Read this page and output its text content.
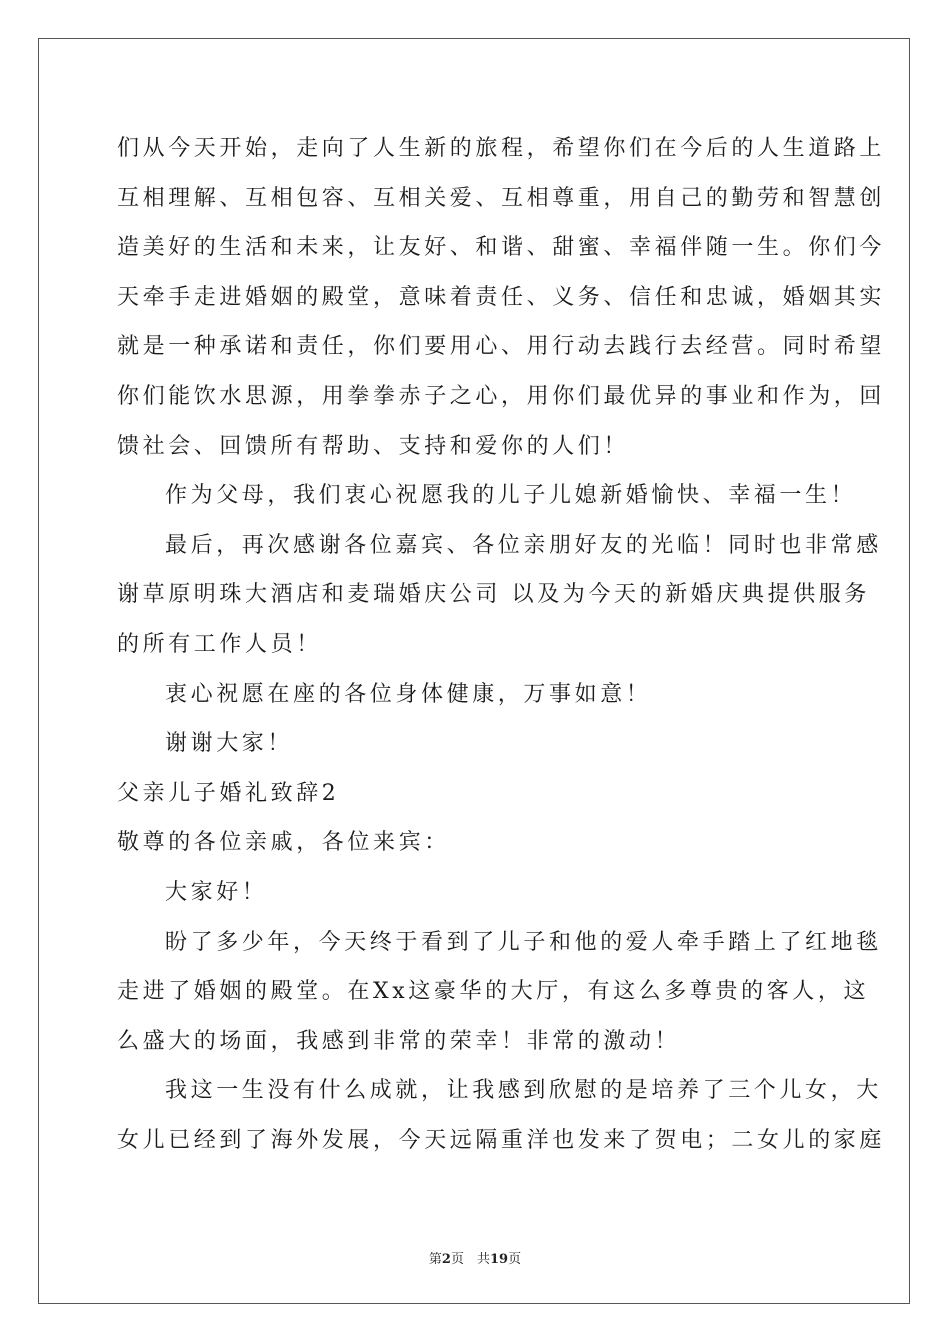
们从今天开始，走向了人生新的旅程，希望你们在今后的人生道路上
互相理解、互相包容、互相关爱、互相尊重，用自己的勤劳和智慧创
造美好的生活和未来，让友好、和谐、甜蜜、幸福伴随一生。你们今
天牵手走进婚姻的殿堂，意味着责任、义务、信任和忠诚，婚姻其实
就是一种承诺和责任，你们要用心、用行动去践行去经营。同时希望
你们能饮水思源，用拳拳赤子之心，用你们最优异的事业和作为，回
馈社会、回馈所有帮助、支持和爱你的人们！
作为父母，我们衷心祝愿我的儿子儿媳新婚愉快、幸福一生！
最后，再次感谢各位嘉宾、各位亲朋好友的光临！同时也非常感
谢草原明珠大酒店和麦瑞婚庆公司 以及为今天的新婚庆典提供服务
的所有工作人员！
衷心祝愿在座的各位身体健康，万事如意！
谢谢大家！
父亲儿子婚礼致辞2
敬尊的各位亲戚，各位来宾：
大家好！
盼了多少年，今天终于看到了儿子和他的爱人牵手踏上了红地毯
走进了婚姻的殿堂。在Xx这豪华的大厅，有这么多尊贵的客人，这
么盛大的场面，我感到非常的荣幸！非常的激动！
我这一生没有什么成就，让我感到欣慰的是培养了三个儿女，大
女儿已经到了海外发展，今天远隔重洋也发来了贺电；二女儿的家庭
第2页　共19页
